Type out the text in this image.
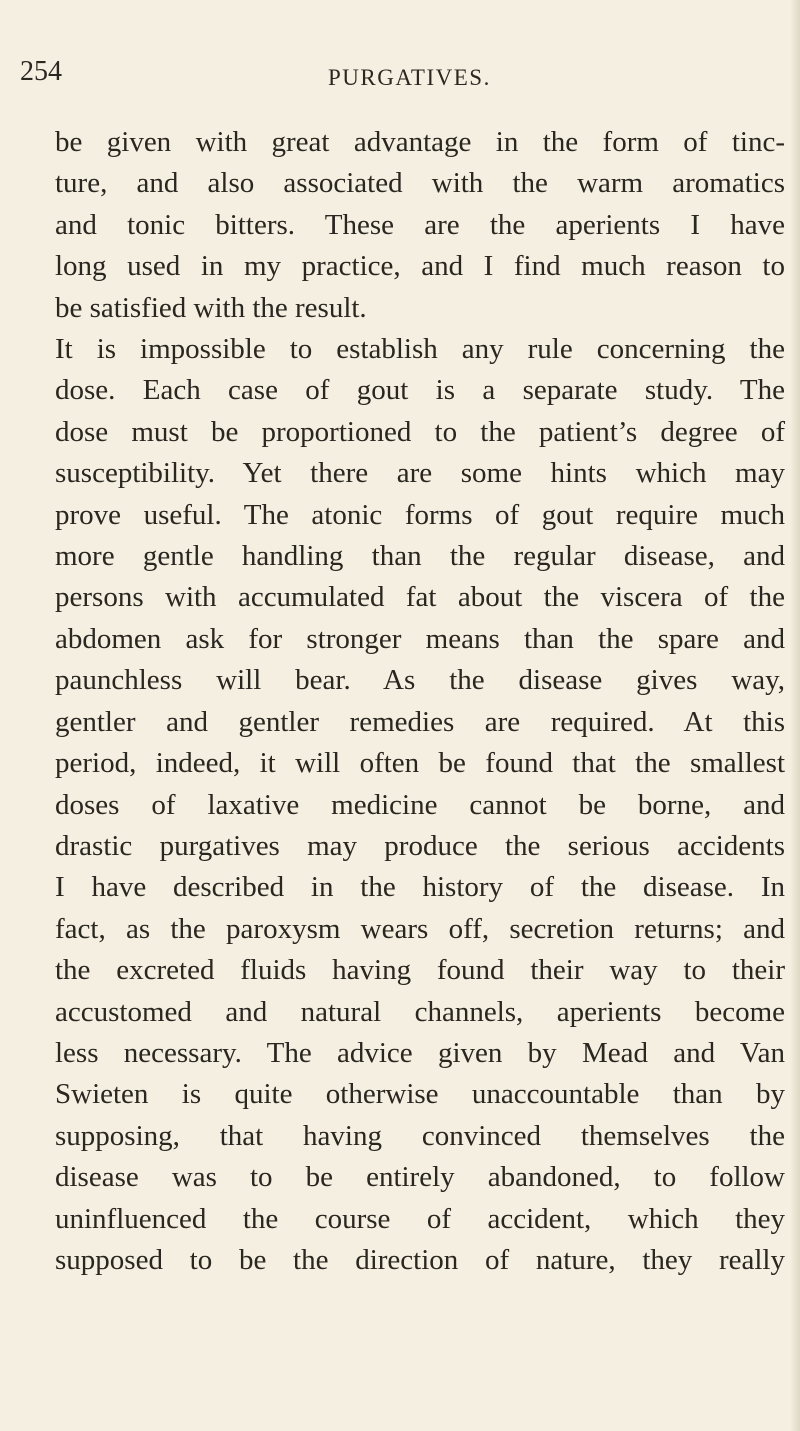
254	PURGATIVES.
be given with great advantage in the form of tinc-
ture, and also associated with the warm aromatics
and tonic bitters. These are the aperients I have
long used in my practice, and I find much reason to
be satisfied with the result.
It is impossible to establish any rule concerning the
dose. Each case of gout is a separate study. The
dose must be proportioned to the patient’s degree of
susceptibility. Yet there are some hints which may
prove useful. The atonic forms of gout require much
more gentle handling than the regular disease, and
persons with accumulated fat about the viscera of the
abdomen ask for stronger means than the spare and
paunchless will bear. As the disease gives way,
gentler and gentler remedies are required. At this
period, indeed, it will often be found that the smallest
doses of laxative medicine cannot be borne, and
drastic purgatives may produce the serious accidents
I have described in the history of the disease. In
fact, as the paroxysm wears off, secretion returns; and
the excreted fluids having found their way to their
accustomed and natural channels, aperients become
less necessary. The advice given by Mead and Van
Swieten is quite otherwise unaccountable than by
supposing, that having convinced themselves the
disease was to be entirely abandoned, to follow
uninfluenced the course of accident, which they
supposed to be the direction of nature, they really
